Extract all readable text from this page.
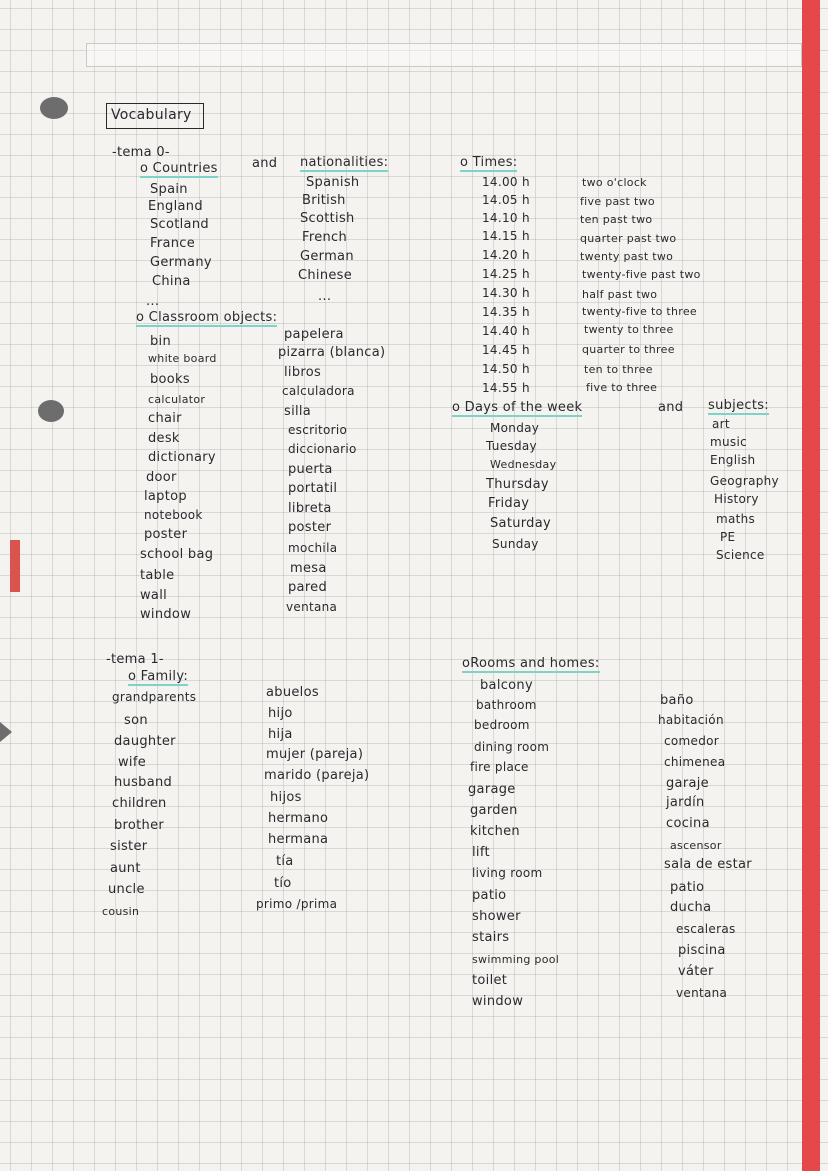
Vocabulary
-tema 0-
o Countries	and nationalities:
Spain
England
Scotland
France
Germany
China
...
Spanish
British
Scottish
French
German
Chinese
...
o Classroom objects:
bin
white board
books
calculator
chair
desk
dictionary
door
laptop
notebook
poster
school bag
table
wall
window
papelera
pizarra (blanca)
libros
calculadora
silla
escritorio
diccionario
puerta
portatil
libreta
poster
mochila
mesa
pared
ventana
o Times:
14.00 h
14.05 h
14.10 h
14.15 h
14.20 h
14.25 h
14.30 h
14.35 h
14.40 h
14.45 h
14.50 h
14.55 h
two o'clock
five past two
ten past two
quarter past two
twenty past two
twenty-five past two
half past two
twenty-five to three
twenty to three
quarter to three
ten to three
five to three
o Days of the week	and subjects:
Monday
Tuesday
Wednesday
Thursday
Friday
Saturday
Sunday
art
music
English
Geography
History
maths
PE
Science
-tema 1-
o Family:
grandparents
son
daughter
wife
husband
children
brother
sister
aunt
uncle
cousin
abuelos
hijo
hija
mujer (pareja)
marido (pareja)
hijos
hermano
hermana
tía
tío
primo /prima
oRooms and homes:
balcony
bathroom
bedroom
dining room
fire place
garage
garden
kitchen
lift
living room
patio
shower
stairs
swimming pool
toilet
window
baño
habitación
comedor
chimenea
garaje
jardín
cocina
ascensor
sala de estar
patio
ducha
escaleras
piscina
váter
ventana
